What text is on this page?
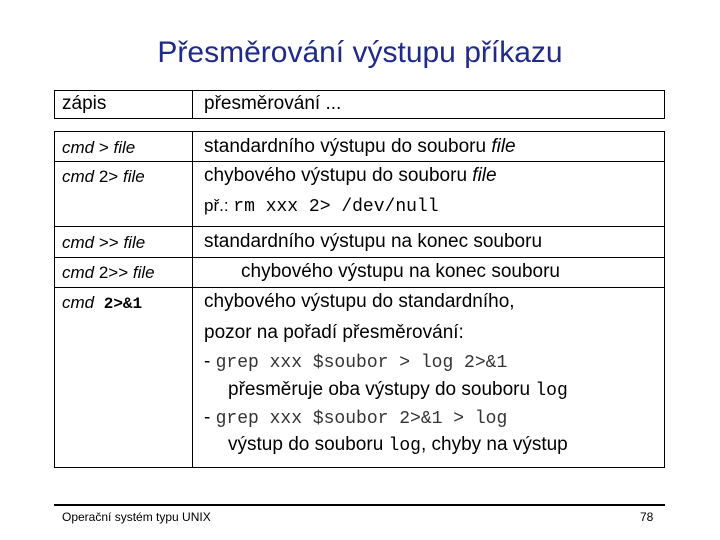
Přesměrování výstupu příkazu
zápis	přesměrování ...
cmd > file	standardního výstupu do souboru file
cmd 2> file	chybového výstupu do souboru file
př.: rm xxx 2> /dev/null
cmd >> file	standardního výstupu na konec souboru
cmd 2>> file	chybového výstupu na konec souboru
cmd 2>&1	chybového výstupu do standardního,
pozor na pořadí přesměrování:
- grep xxx $soubor > log 2>&1
přesměruje oba výstupy do souboru log
- grep xxx $soubor 2>&1 > log
výstup do souboru log, chyby na výstup
Operační systém typu UNIX	78
